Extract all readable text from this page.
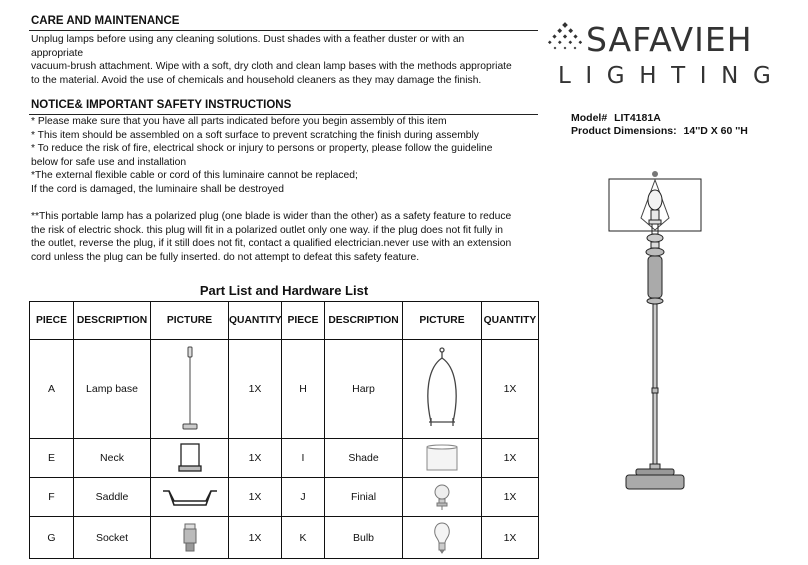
CARE AND MAINTENANCE
Unplug lamps before using any cleaning solutions. Dust shades with a feather duster or with an
appropriate
vacuum-brush attachment. Wipe with a soft, dry cloth and clean lamp bases with the methods appropriate
to the material. Avoid the use of chemicals and household cleaners as they may damage the finish.
NOTICE& IMPORTANT SAFETY INSTRUCTIONS
* Please make sure that you have all parts indicated before you begin assembly of this item
* This item should be assembled on a soft surface to prevent scratching the finish during assembly
* To reduce the risk of fire, electrical shock or injury to persons or property, please follow the guideline
below for safe use and installation
*The external flexible cable or cord of this luminaire cannot be replaced;
If the cord is damaged, the luminaire shall be destroyed
**This portable lamp has a polarized plug (one blade is wider than the other) as a safety feature to reduce
the risk of electric shock. this plug will fit in a polarized outlet only one way. if the plug does not fit fully in
the outlet, reverse the plug, if it still does not fit, contact a qualified electrician.never use with an extension
cord unless the plug can be fully inserted. do not attempt to defeat this safety feature.
SAFAVIEH
LIGHTING
Model# LIT4181A
Product Dimensions: 14''D X 60 ''H
Part List and Hardware List
PIECE	DESCRIPTION	PICTURE	QUANTITY	PIECE	DESCRIPTION	PICTURE	QUANTITY
A	Lamp base		1X	H	Harp		1X
E	Neck		1X	I	Shade		1X
F	Saddle		1X	J	Finial		1X
G	Socket		1X	K	Bulb		1X
